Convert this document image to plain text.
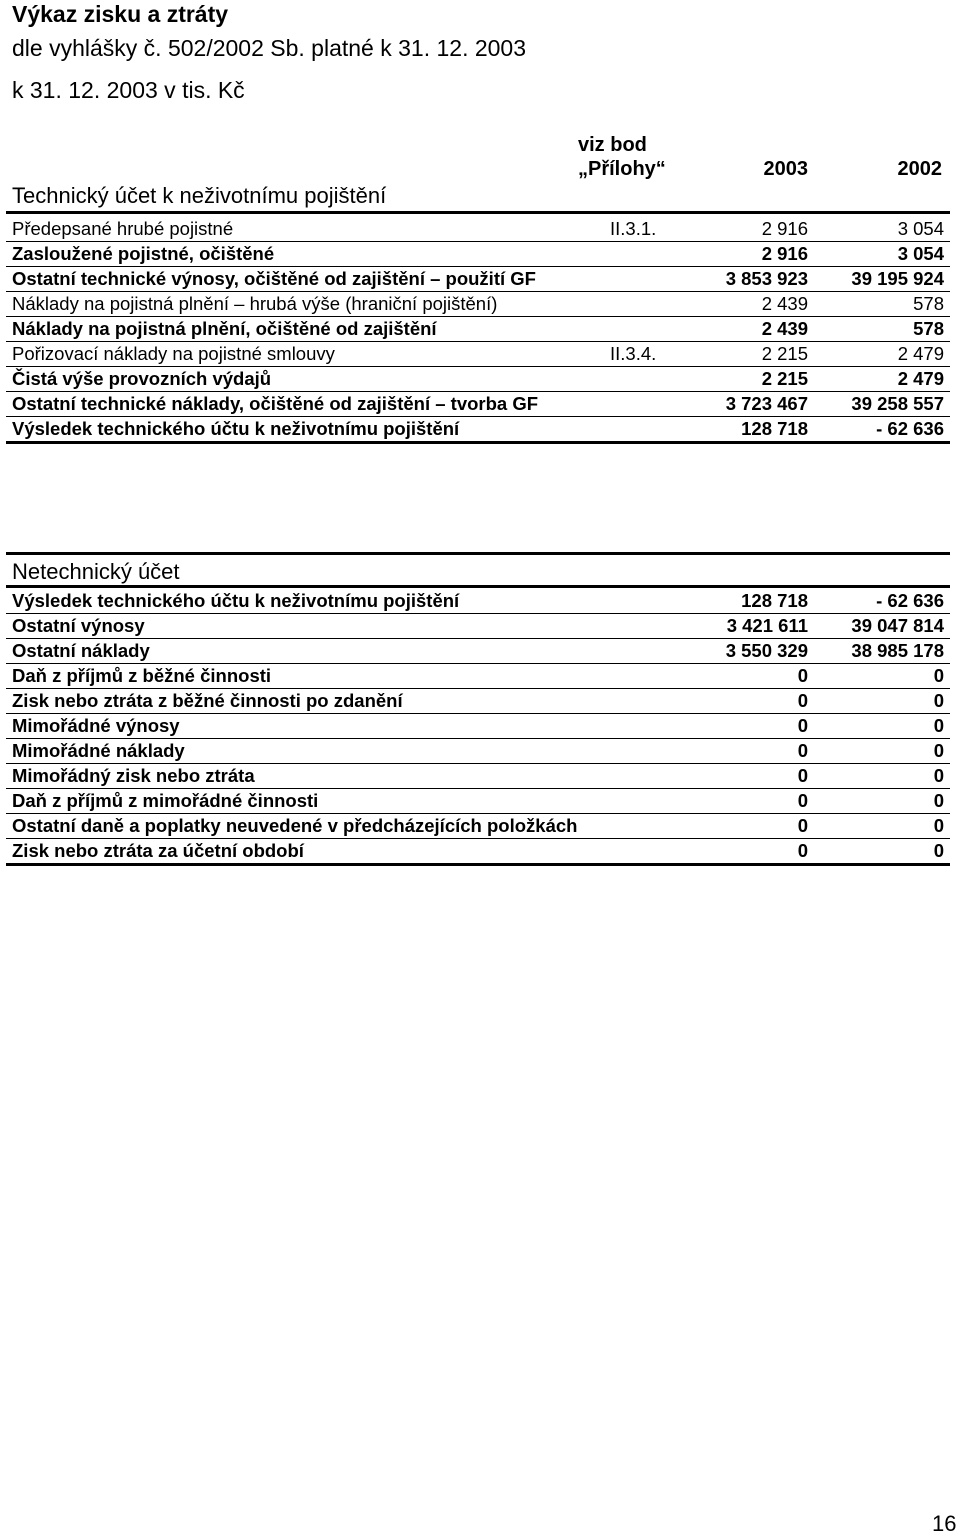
Výkaz zisku a ztráty
dle vyhlášky č. 502/2002 Sb. platné k 31. 12. 2003
k 31. 12. 2003 v tis. Kč
viz bod
„Přílohy“	2003	2002
Technický účet k neživotnímu pojištění
Předepsané hrubé pojistné	II.3.1.	2 916	3 054
Zasloužené pojistné, očištěné		2 916	3 054
Ostatní technické výnosy, očištěné od zajištění – použití GF		3 853 923	39 195 924
Náklady na pojistná plnění – hrubá výše (hraniční pojištění)		2 439	578
Náklady na pojistná plnění, očištěné od zajištění		2 439	578
Pořizovací náklady na pojistné smlouvy	II.3.4.	2 215	2 479
Čistá výše provozních výdajů		2 215	2 479
Ostatní technické náklady, očištěné od zajištění – tvorba GF		3 723 467	39 258 557
Výsledek technického účtu k neživotnímu pojištění		128 718	- 62 636
Netechnický účet
Výsledek technického účtu k neživotnímu pojištění		128 718	- 62 636
Ostatní výnosy		3 421 611	39 047 814
Ostatní náklady		3 550 329	38 985 178
Daň z příjmů z běžné činnosti		0	0
Zisk nebo ztráta z běžné činnosti po zdanění		0	0
Mimořádné výnosy		0	0
Mimořádné náklady		0	0
Mimořádný zisk nebo ztráta		0	0
Daň z příjmů z mimořádné činnosti		0	0
Ostatní daně a poplatky neuvedené v předcházejících položkách		0	0
Zisk nebo ztráta za účetní období		0	0
16
